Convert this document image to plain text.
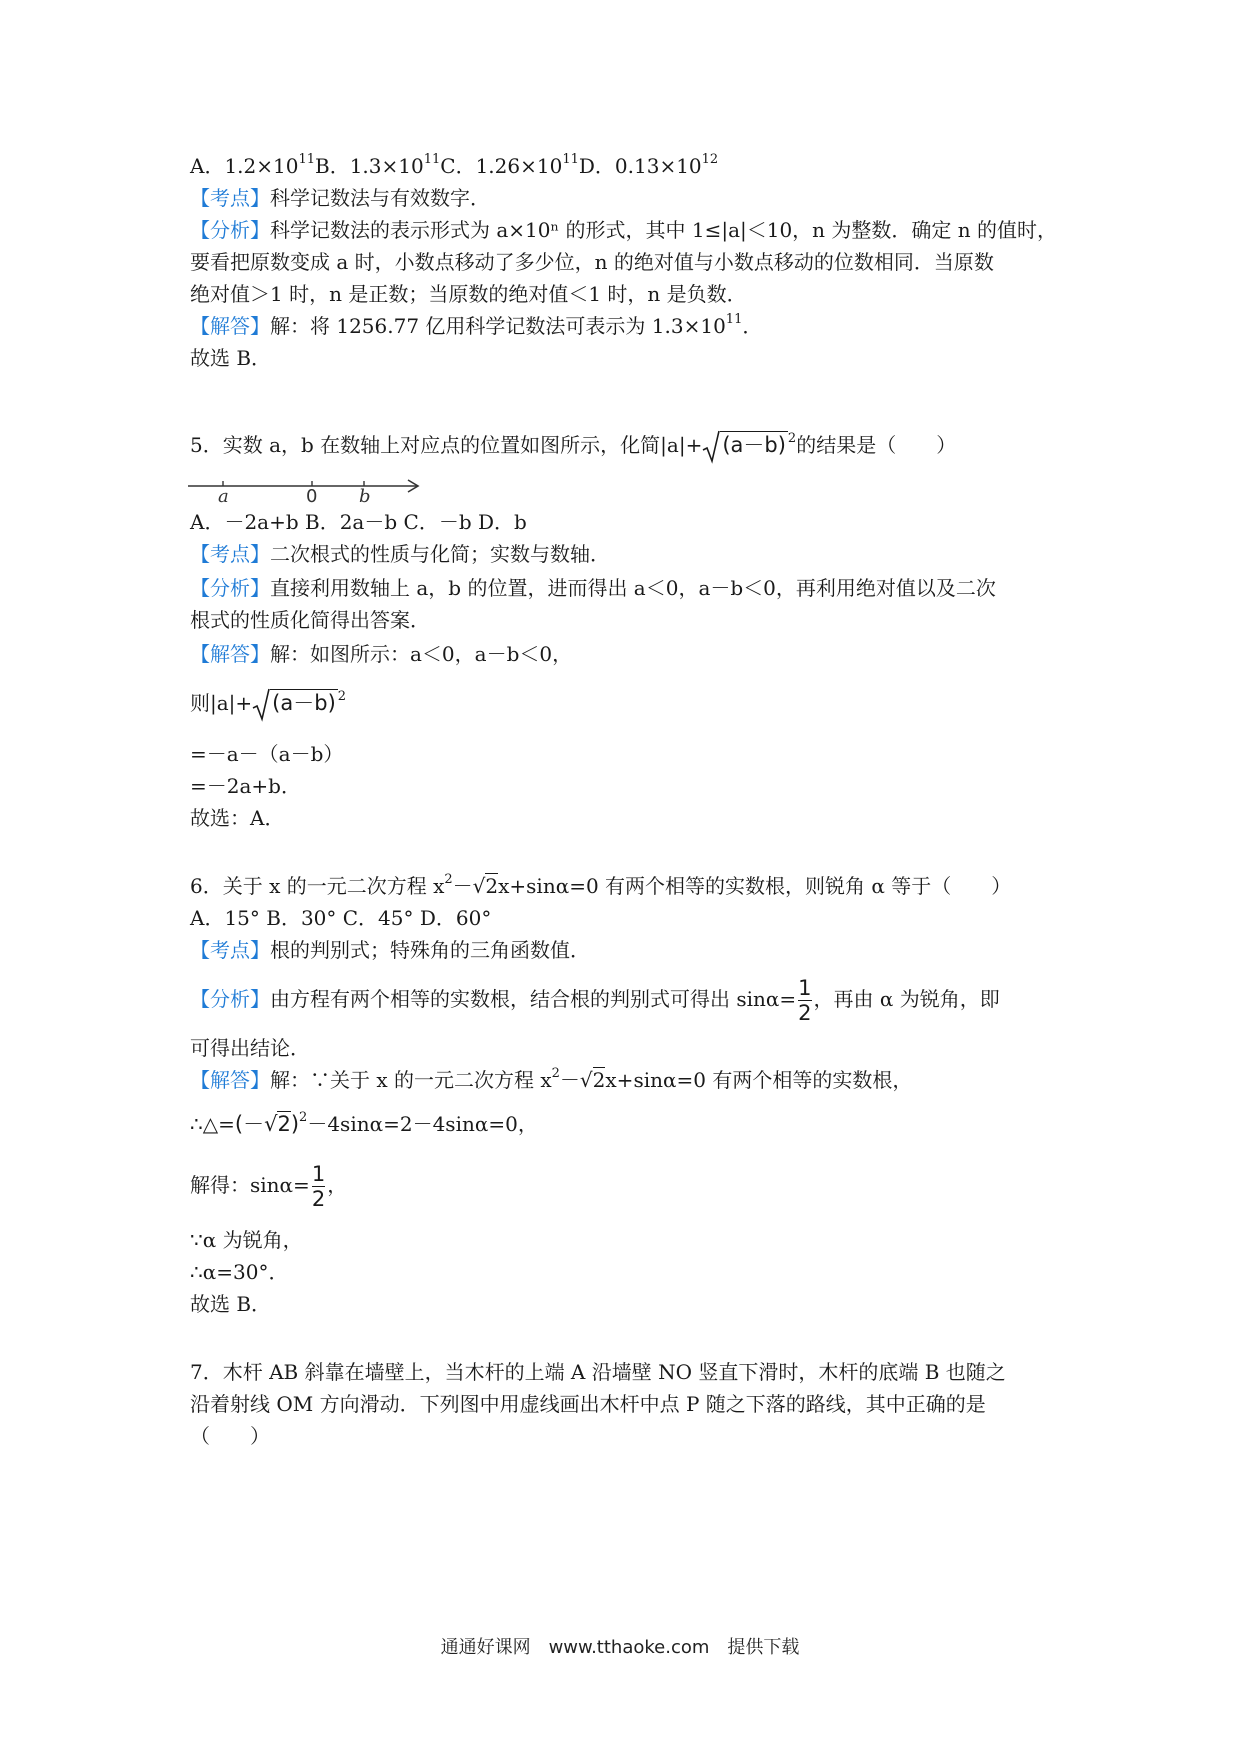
A．$1.2\times 10^{11}B$．$1.3\times 10^{11}C$．$1.26\times 10^{11}D$．$0.13\times 10^{12}$
【考点】科学记数法与有效数字．
【分析】科学记数法的表示形式为 a×10ⁿ 的形式，其中 1≤|a|＜10，n 为整数．确定 n 的值时，
要看把原数变成 a 时，小数点移动了多少位，n 的绝对值与小数点移动的位数相同．当原数
绝对值＞1 时，n 是正数；当原数的绝对值＜1 时，n 是负数．
【解答】解：将 1256.77 亿用科学记数法可表示为 $1.3\times 10^{11}$．
故选 B．
5．实数 a，b 在数轴上对应点的位置如图所示，化简|a|+ (a－b) $^2$的结果是（　　）
a	0 b
A．－2a+b B．2a－b C．－b D．b
【考点】二次根式的性质与化简；实数与数轴．
【分析】直接利用数轴上 a，b 的位置，进而得出 a＜0，a－b＜0，再利用绝对值以及二次
根式的性质化简得出答案．
【解答】解：如图所示：a＜0，a－b＜0，
则|a|+ (a－b) $^2$
=－a－（a－b）
=－2a+b．
故选：A．
6．关于 x 的一元二次方程 $x^2-√2x+\sin\alpha=0$ 有两个相等的实数根，则锐角 α 等于（　　）
A．15° B．30° C．45° D．60°
【考点】根的判别式；特殊角的三角函数值．
【分析】由方程有两个相等的实数根，结合根的判别式可得出 $\sin\alpha= \frac{1}{2}$ ，再由 α 为锐角，即
可得出结论．
【解答】解：∵关于 x 的一元二次方程 $x^2-√2x+\sin\alpha=0$ 有两个相等的实数根，
$\therefore\triangle=(-√2)^2-4\sin\alpha=2-4\sin\alpha=0$，
解得：$\sin\alpha= \frac{1}{2}$ ，
∵α 为锐角，
∴α=30°．
故选 B．
7．木杆 AB 斜靠在墙壁上，当木杆的上端 A 沿墙壁 NO 竖直下滑时，木杆的底端 B 也随之
沿着射线 OM 方向滑动．下列图中用虚线画出木杆中点 P 随之下落的路线，其中正确的是
（　　）
通通好课网　www.tthaoke.com　提供下载
